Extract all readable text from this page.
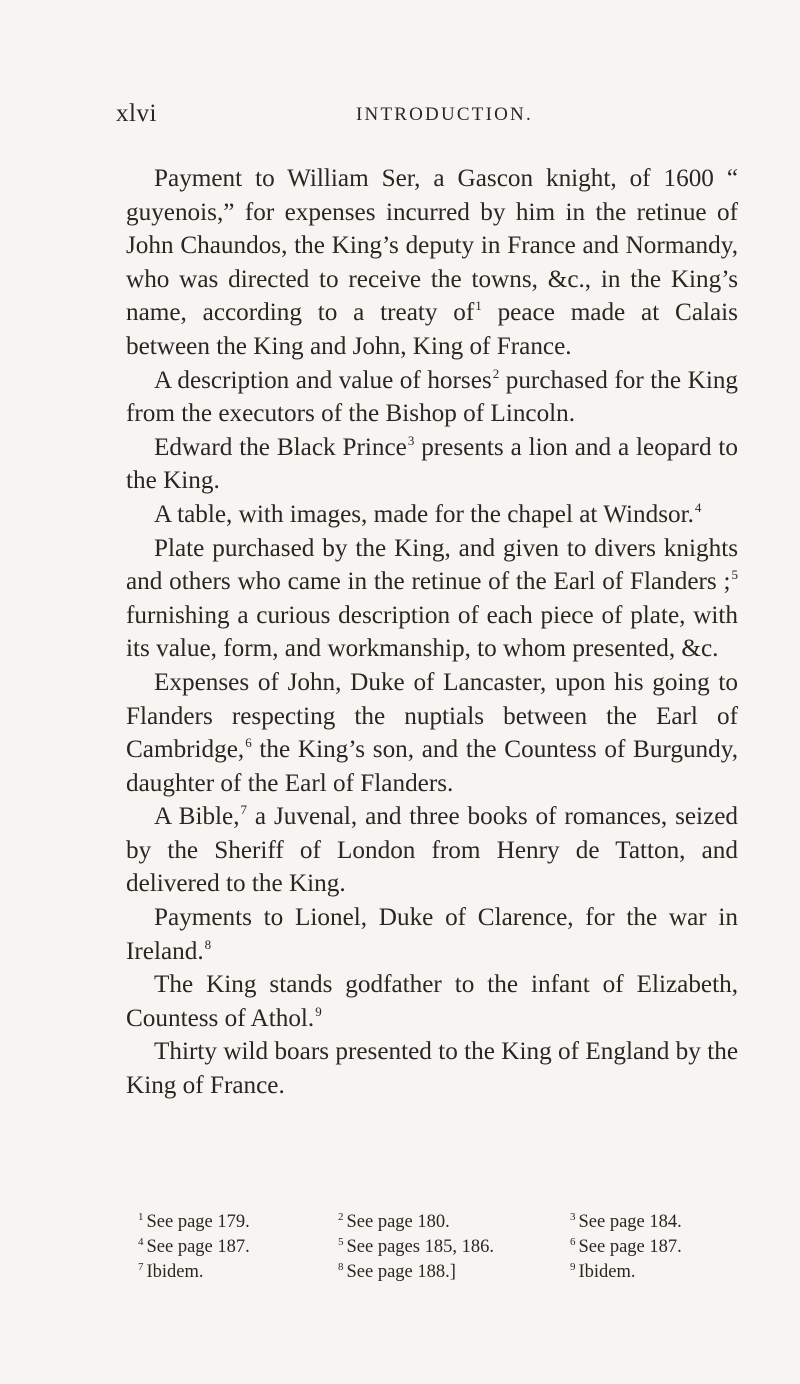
xlvi	INTRODUCTION.

Payment to William Ser, a Gascon knight, of 1600 “ guyenois,” for expenses incurred by him in the retinue of John Chaundos, the King’s deputy in France and Normandy, who was directed to receive the towns, &c., in the King’s name, according to a treaty $of^1$ peace made at Calais between the King and John, King of France.

A description and value of horses$^2$ purchased for the King from the executors of the Bishop of Lincoln.

Edward the Black Prince$^3$ presents a lion and a leopard to the King.

A table, with images, made for the chapel at Windsor.$^4$

Plate purchased by the King, and given to divers knights and others who came in the retinue of the Earl of Flanders ;$^5$ furnishing a curious description of each piece of plate, with its value, form, and workmanship, to whom presented, &c.

Expenses of John, Duke of Lancaster, upon his going to Flanders respecting the nuptials between the Earl of Cambridge,$^6$ the King’s son, and the Countess of Burgundy, daughter of the Earl of Flanders.

A Bible,$^7$ a Juvenal, and three books of romances, seized by the Sheriff of London from Henry de Tatton, and delivered to the King.

Payments to Lionel, Duke of Clarence, for the war in Ireland.$^8$

The King stands godfather to the infant of Elizabeth, Countess of Athol.$^9$

Thirty wild boars presented to the King of England by the King of France.

$^1$ See page 179.
$^4$ See page 187.
$^7$ Ibidem.
$^2$ See page 180.
$^5$ See pages 185, 186.
$^8$ See page 188.]
$^3$ See page 184.
$^6$ See page 187.
$^9$ Ibidem.
